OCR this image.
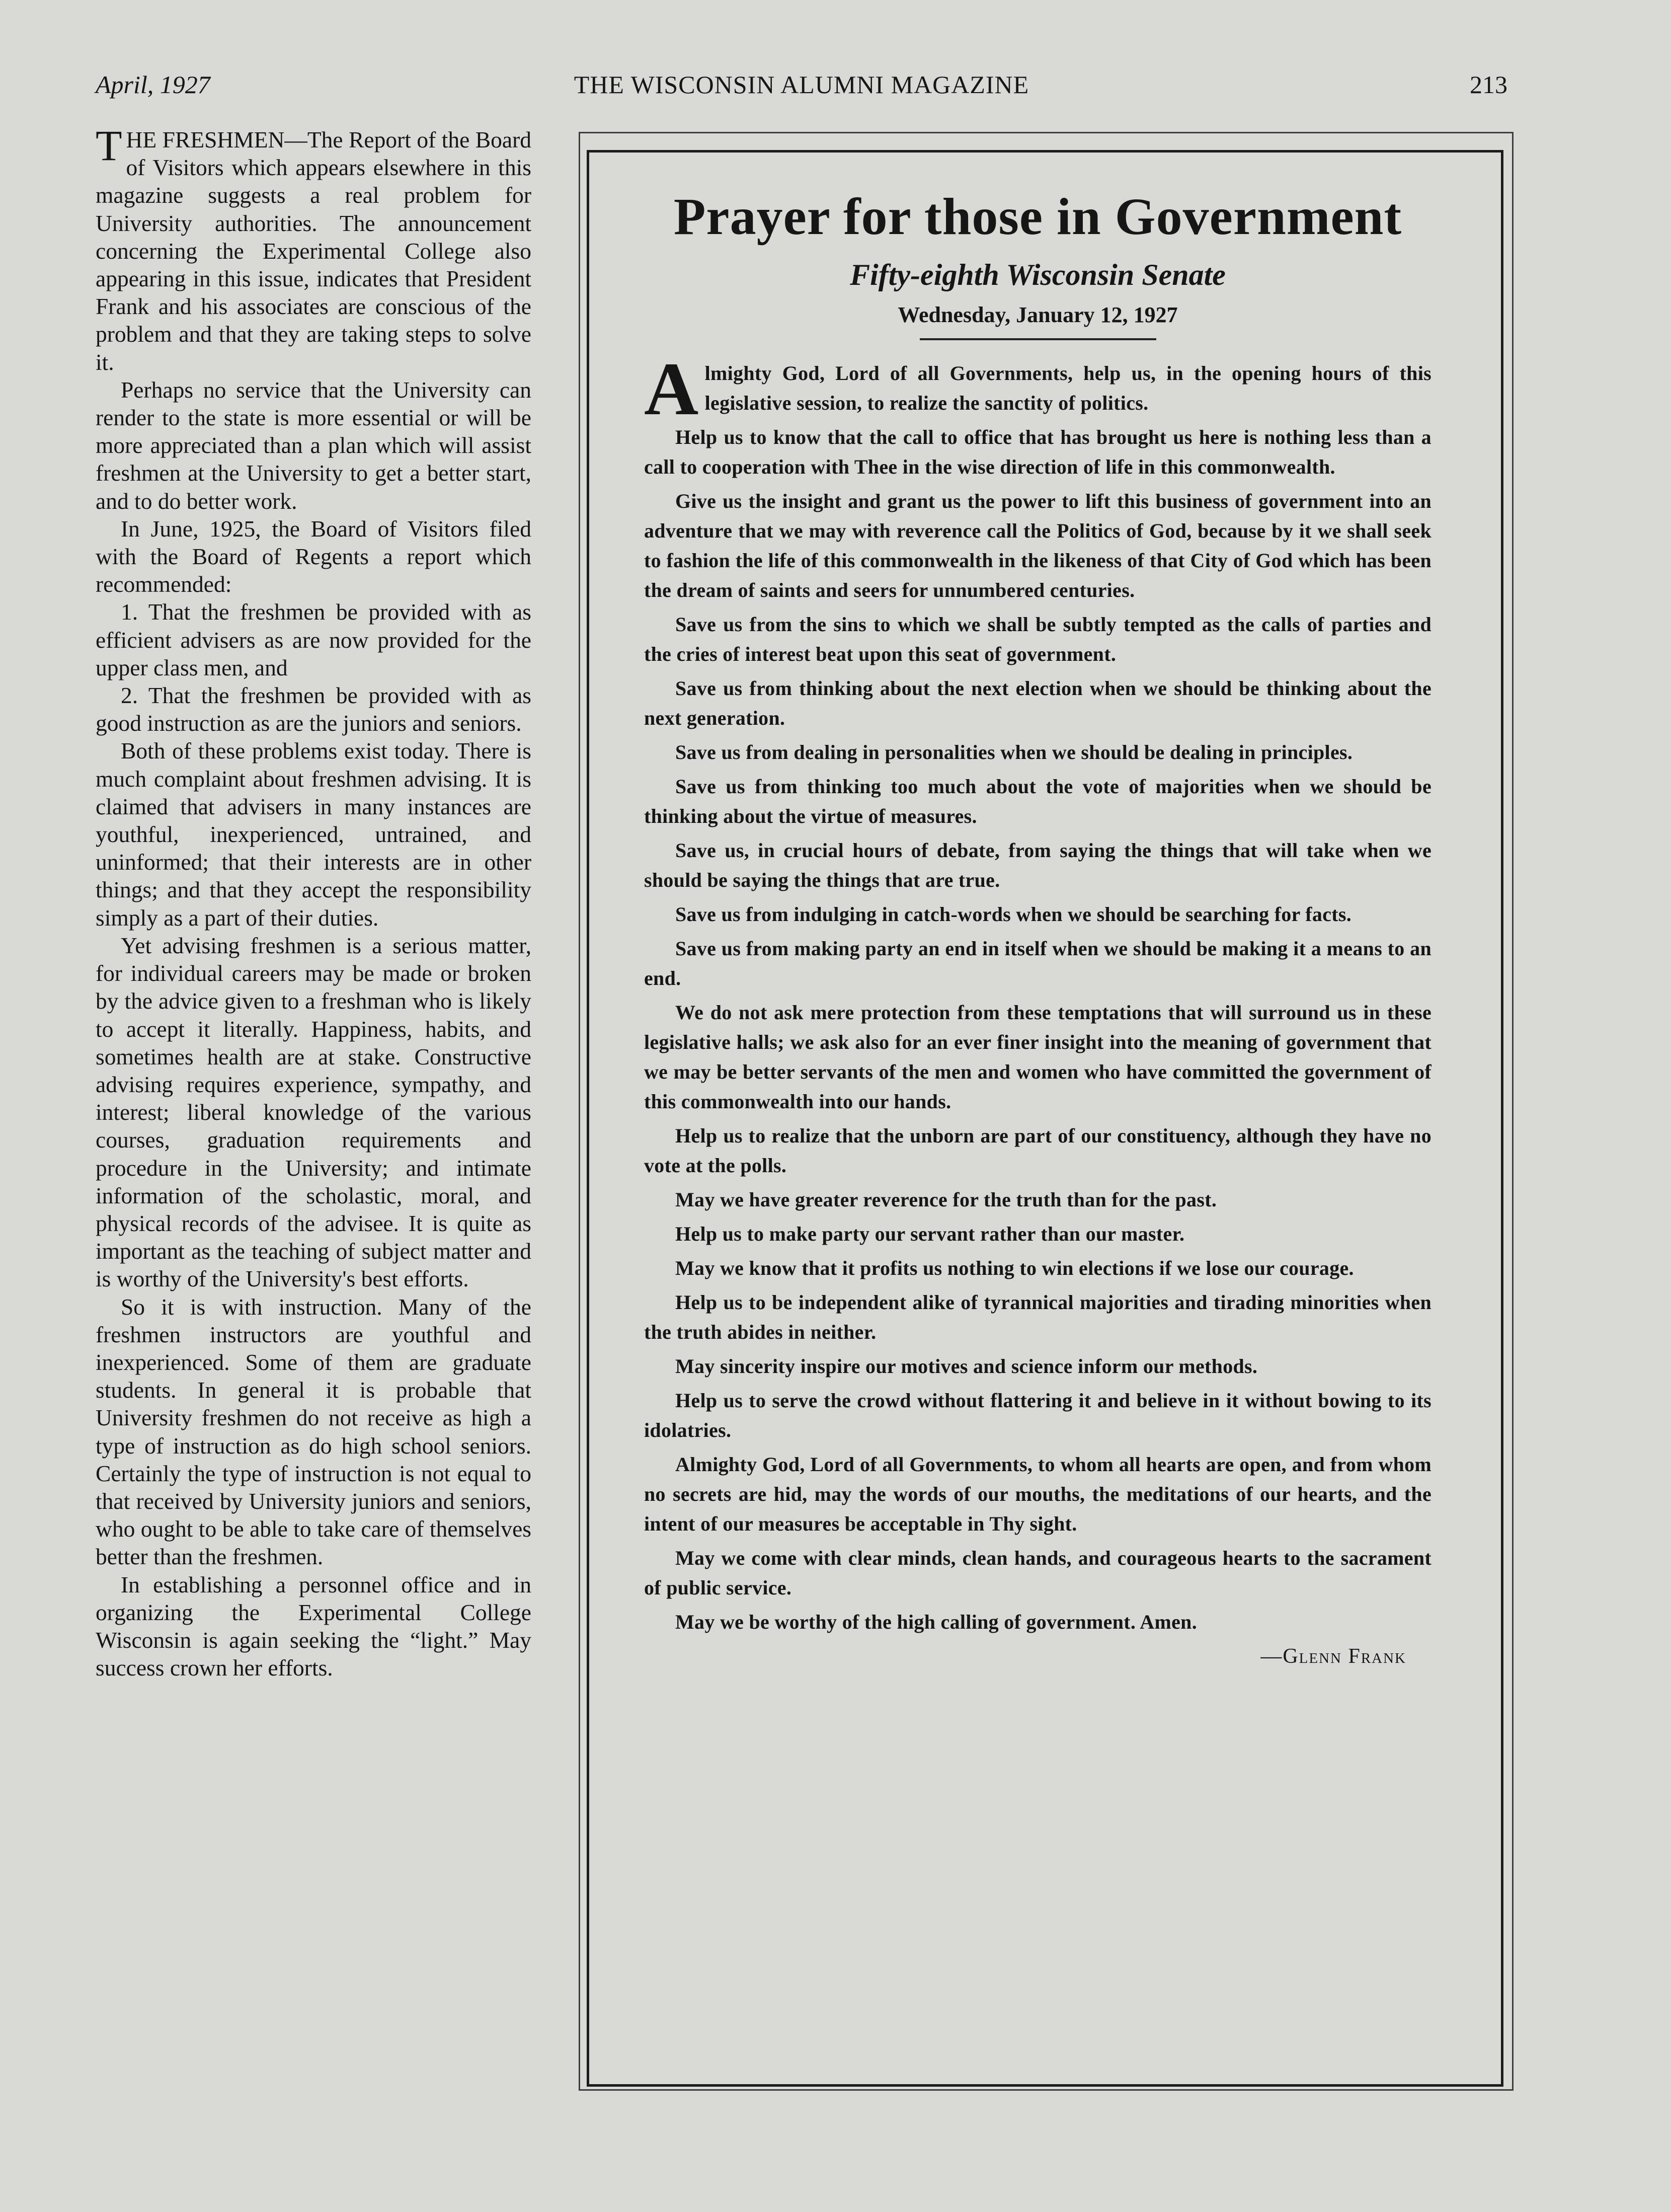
April, 1927	THE WISCONSIN ALUMNI MAGAZINE	213

THE FRESHMEN—The Report of the Board of Visitors which appears elsewhere in this magazine suggests a real problem for University authorities. The announcement concerning the Experimental College also appearing in this issue, indicates that President Frank and his associates are conscious of the problem and that they are taking steps to solve it.

Perhaps no service that the University can render to the state is more essential or will be more appreciated than a plan which will assist freshmen at the University to get a better start, and to do better work.

In June, 1925, the Board of Visitors filed with the Board of Regents a report which recommended:

1. That the freshmen be provided with as efficient advisers as are now provided for the upper class men, and

2. That the freshmen be provided with as good instruction as are the juniors and seniors.

Both of these problems exist today. There is much complaint about freshmen advising. It is claimed that advisers in many instances are youthful, inexperienced, untrained, and uninformed; that their interests are in other things; and that they accept the responsibility simply as a part of their duties.

Yet advising freshmen is a serious matter, for individual careers may be made or broken by the advice given to a freshman who is likely to accept it literally. Happiness, habits, and sometimes health are at stake. Constructive advising requires experience, sympathy, and interest; liberal knowledge of the various courses, graduation requirements and procedure in the University; and intimate information of the scholastic, moral, and physical records of the advisee. It is quite as important as the teaching of subject matter and is worthy of the University's best efforts.

So it is with instruction. Many of the freshmen instructors are youthful and inexperienced. Some of them are graduate students. In general it is probable that University freshmen do not receive as high a type of instruction as do high school seniors. Certainly the type of instruction is not equal to that received by University juniors and seniors, who ought to be able to take care of themselves better than the freshmen.

In establishing a personnel office and in organizing the Experimental College Wisconsin is again seeking the “light.” May success crown her efforts.

Prayer for those in Government
Fifty-eighth Wisconsin Senate
Wednesday, January 12, 1927

Almighty God, Lord of all Governments, help us, in the opening hours of this legislative session, to realize the sanctity of politics.

Help us to know that the call to office that has brought us here is nothing less than a call to cooperation with Thee in the wise direction of life in this commonwealth.

Give us the insight and grant us the power to lift this business of government into an adventure that we may with reverence call the Politics of God, because by it we shall seek to fashion the life of this commonwealth in the likeness of that City of God which has been the dream of saints and seers for unnumbered centuries.

Save us from the sins to which we shall be subtly tempted as the calls of parties and the cries of interest beat upon this seat of government.

Save us from thinking about the next election when we should be thinking about the next generation.

Save us from dealing in personalities when we should be dealing in principles.

Save us from thinking too much about the vote of majorities when we should be thinking about the virtue of measures.

Save us, in crucial hours of debate, from saying the things that will take when we should be saying the things that are true.

Save us from indulging in catch-words when we should be searching for facts.

Save us from making party an end in itself when we should be making it a means to an end.

We do not ask mere protection from these temptations that will surround us in these legislative halls; we ask also for an ever finer insight into the meaning of government that we may be better servants of the men and women who have committed the government of this commonwealth into our hands.

Help us to realize that the unborn are part of our constituency, although they have no vote at the polls.

May we have greater reverence for the truth than for the past.

Help us to make party our servant rather than our master.

May we know that it profits us nothing to win elections if we lose our courage.

Help us to be independent alike of tyrannical majorities and tirading minorities when the truth abides in neither.

May sincerity inspire our motives and science inform our methods.

Help us to serve the crowd without flattering it and believe in it without bowing to its idolatries.

Almighty God, Lord of all Governments, to whom all hearts are open, and from whom no secrets are hid, may the words of our mouths, the meditations of our hearts, and the intent of our measures be acceptable in Thy sight.

May we come with clear minds, clean hands, and courageous hearts to the sacrament of public service.

May we be worthy of the high calling of government. Amen.

—Glenn Frank
